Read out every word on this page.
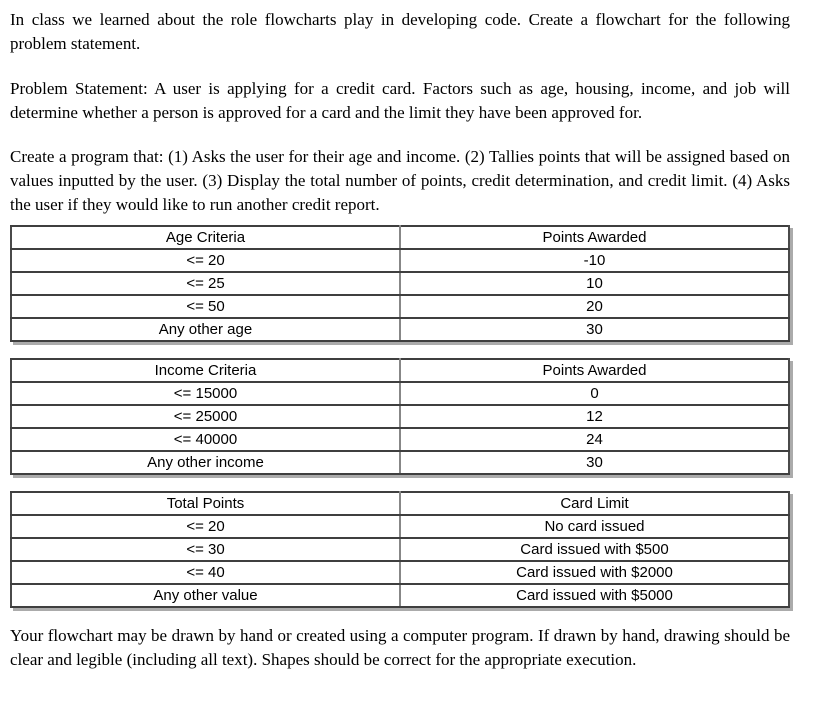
In class we learned about the role flowcharts play in developing code. Create a flowchart for the following problem statement.

Problem Statement: A user is applying for a credit card. Factors such as age, housing, income, and job will determine whether a person is approved for a card and the limit they have been approved for.

Create a program that: (1) Asks the user for their age and income. (2) Tallies points that will be assigned based on values inputted by the user. (3) Display the total number of points, credit determination, and credit limit. (4) Asks the user if they would like to run another credit report.

Age Criteria	Points Awarded
<= 20	-10
<= 25	10
<= 50	20
Any other age	30
Income Criteria	Points Awarded
<= 15000	0
<= 25000	12
<= 40000	24
Any other income	30
Total Points	Card Limit
<= 20	No card issued
<= 30	Card issued with $500
<= 40	Card issued with $2000
Any other value	Card issued with $5000

Your flowchart may be drawn by hand or created using a computer program. If drawn by hand, drawing should be clear and legible (including all text). Shapes should be correct for the appropriate execution.
